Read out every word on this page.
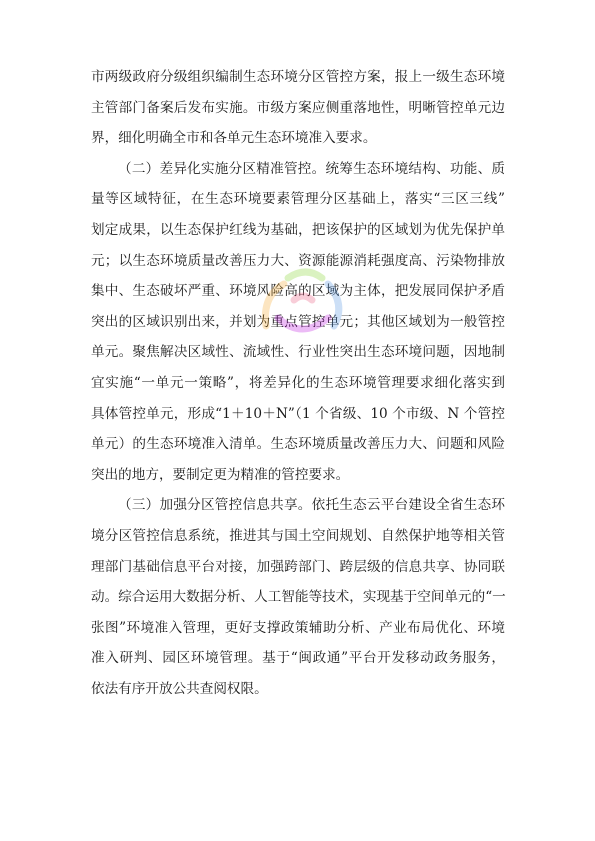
市两级政府分级组织编制生态环境分区管控方案，报上一级生态环境
主管部门备案后发布实施。市级方案应侧重落地性，明晰管控单元边
界，细化明确全市和各单元生态环境准入要求。
（二）差异化实施分区精准管控。统筹生态环境结构、功能、质
量等区域特征，在生态环境要素管理分区基础上，落实“三区三线”
划定成果，以生态保护红线为基础，把该保护的区域划为优先保护单
元；以生态环境质量改善压力大、资源能源消耗强度高、污染物排放
集中、生态破坏严重、环境风险高的区域为主体，把发展同保护矛盾
突出的区域识别出来，并划为重点管控单元；其他区域划为一般管控
单元。聚焦解决区域性、流域性、行业性突出生态环境问题，因地制
宜实施“一单元一策略”，将差异化的生态环境管理要求细化落实到
具体管控单元，形成“1＋10＋N”（1 个省级、10 个市级、N 个管控
单元）的生态环境准入清单。生态环境质量改善压力大、问题和风险
突出的地方，要制定更为精准的管控要求。
（三）加强分区管控信息共享。依托生态云平台建设全省生态环
境分区管控信息系统，推进其与国土空间规划、自然保护地等相关管
理部门基础信息平台对接，加强跨部门、跨层级的信息共享、协同联
动。综合运用大数据分析、人工智能等技术，实现基于空间单元的“一
张图”环境准入管理，更好支撑政策辅助分析、产业布局优化、环境
准入研判、园区环境管理。基于“闽政通”平台开发移动政务服务，
依法有序开放公共查阅权限。
